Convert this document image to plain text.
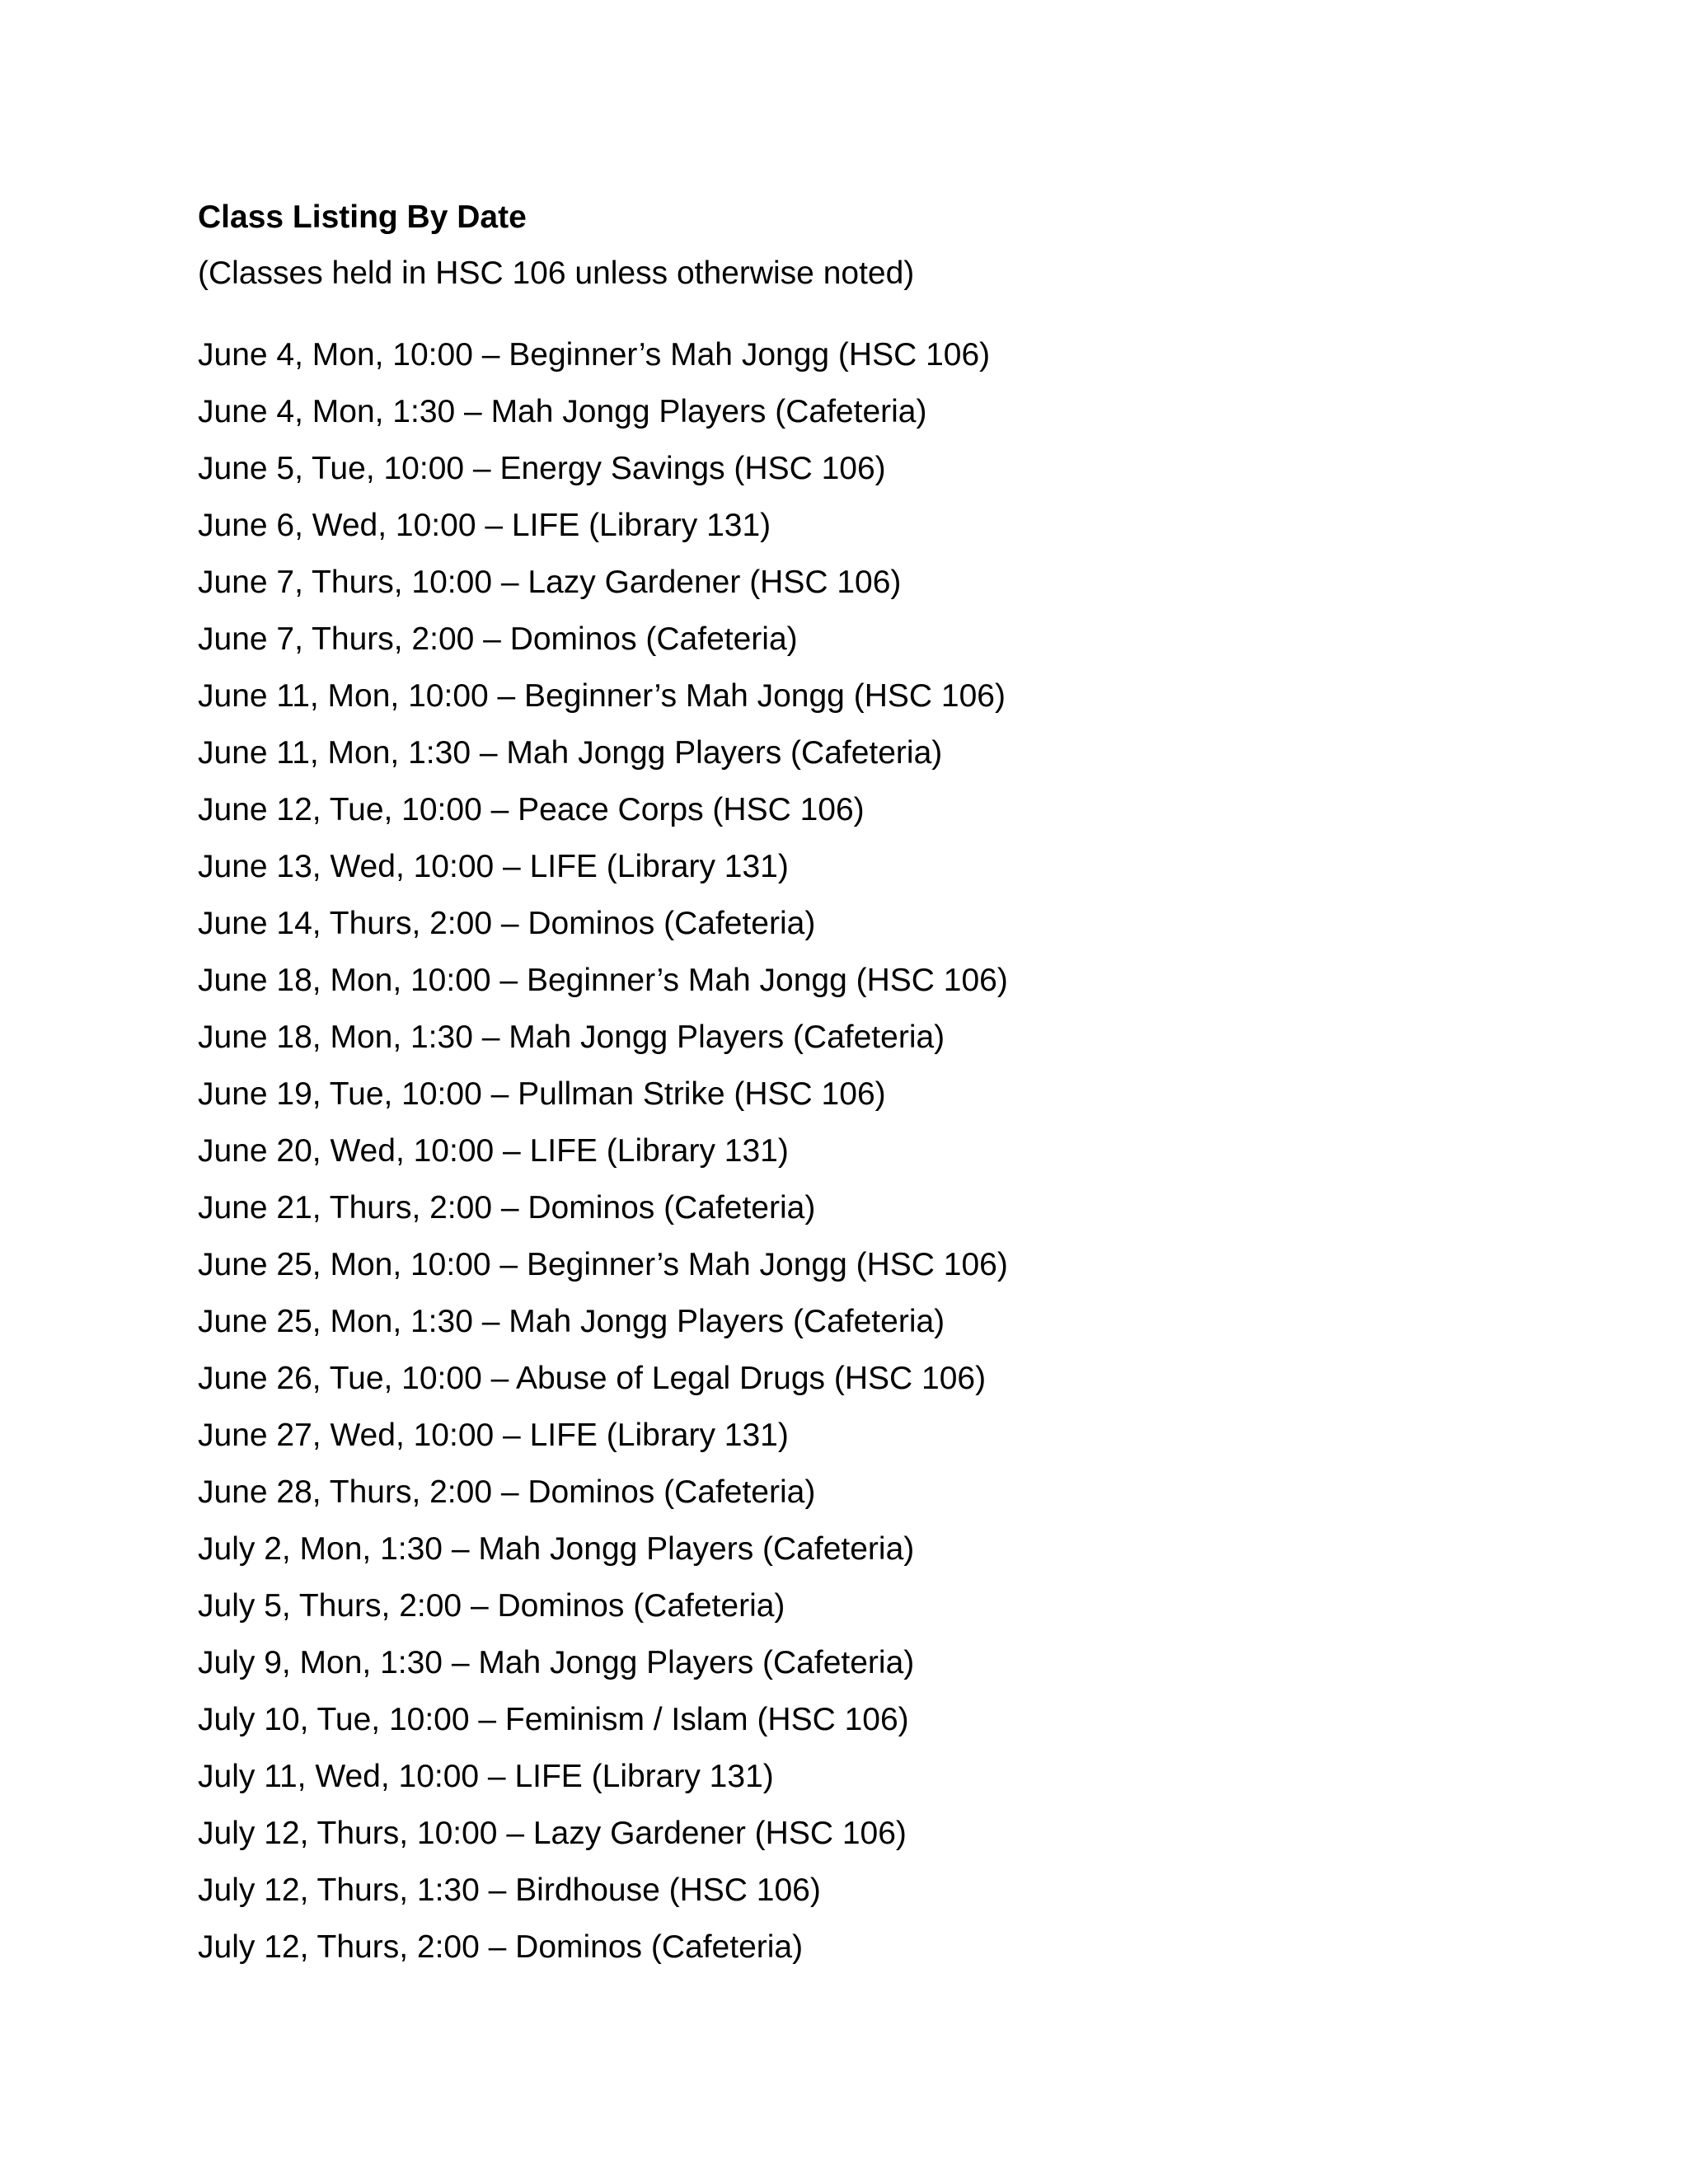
Class Listing By Date

(Classes held in HSC 106 unless otherwise noted)

June 4, Mon, 10:00 – Beginner’s Mah Jongg (HSC 106)
June 4, Mon, 1:30 – Mah Jongg Players (Cafeteria)
June 5, Tue, 10:00 – Energy Savings (HSC 106)
June 6, Wed, 10:00 – LIFE (Library 131)
June 7, Thurs, 10:00 – Lazy Gardener (HSC 106)
June 7, Thurs, 2:00 – Dominos (Cafeteria)
June 11, Mon, 10:00 – Beginner’s Mah Jongg (HSC 106)
June 11, Mon, 1:30 – Mah Jongg Players (Cafeteria)
June 12, Tue, 10:00 – Peace Corps (HSC 106)
June 13, Wed, 10:00 – LIFE (Library 131)
June 14, Thurs, 2:00 – Dominos (Cafeteria)
June 18, Mon, 10:00 – Beginner’s Mah Jongg (HSC 106)
June 18, Mon, 1:30 – Mah Jongg Players (Cafeteria)
June 19, Tue, 10:00 – Pullman Strike (HSC 106)
June 20, Wed, 10:00 – LIFE (Library 131)
June 21, Thurs, 2:00 – Dominos (Cafeteria)
June 25, Mon, 10:00 – Beginner’s Mah Jongg (HSC 106)
June 25, Mon, 1:30 – Mah Jongg Players (Cafeteria)
June 26, Tue, 10:00 – Abuse of Legal Drugs (HSC 106)
June 27, Wed, 10:00 – LIFE (Library 131)
June 28, Thurs, 2:00 – Dominos (Cafeteria)
July 2, Mon, 1:30 – Mah Jongg Players (Cafeteria)
July 5, Thurs, 2:00 – Dominos (Cafeteria)
July 9, Mon, 1:30 – Mah Jongg Players (Cafeteria)
July 10, Tue, 10:00 – Feminism / Islam (HSC 106)
July 11, Wed, 10:00 – LIFE (Library 131)
July 12, Thurs, 10:00 – Lazy Gardener (HSC 106)
July 12, Thurs, 1:30 – Birdhouse (HSC 106)
July 12, Thurs, 2:00 – Dominos (Cafeteria)
